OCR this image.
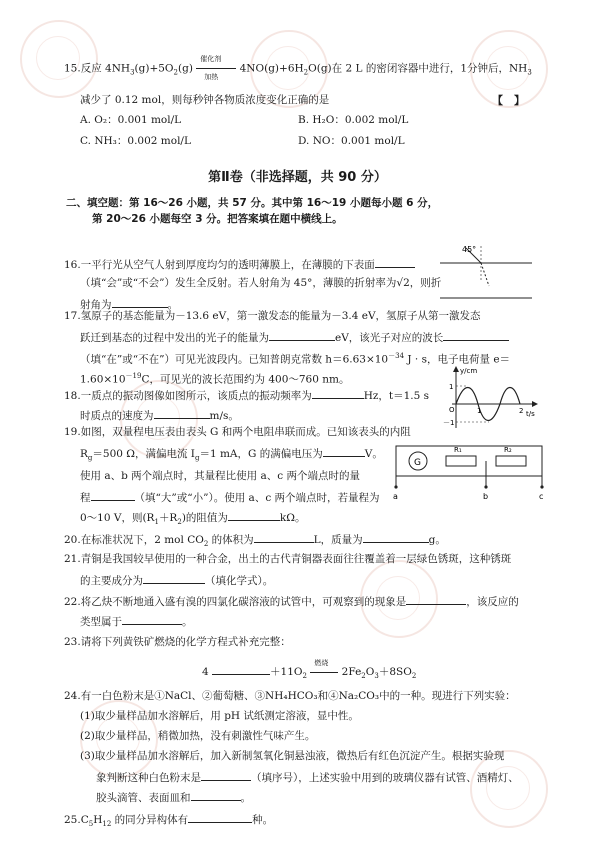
15.反应 $4NH_3(g)+5O_2(g)$
催化剂
加热
$4NO(g)+6H_2O(g)$在 2 L 的密闭容器中进行，1分钟后，$NH_3$
减少了 0.12 mol，则每秒钟各物质浓度变化正确的是	【　】
A. O₂：0.001 mol/L	B. H₂O：0.002 mol/L
C. NH₃：0.002 mol/L	D. NO：0.001 mol/L
第Ⅱ卷（非选择题，共 90 分）
二、填空题：第 16～26 小题，共 57 分。其中第 16～19 小题每小题 6 分，
第 20～26 小题每空 3 分。把答案填在题中横线上。
16.一平行光从空气人射到厚度均匀的透明薄膜上，在薄膜的下表面
（填“会”或“不会”）发生全反射。若人射角为 45°，薄膜的折射率为√2，则折
射角为	。
45°
17.氢原子的基态能量为－13.6 eV，第一激发态的能量为－3.4 eV，氢原子从第一激发态
跃迁到基态的过程中发出的光子的能量为	eV，该光子对应的波长
（填“在”或“不在”）可见光波段内。已知普朗克常数 $h=6.63\times 10^{-34}$ J · s，电子电荷量 e＝
$1.60\times 10^{-19}C$，可见光的波长范围约为 400～760 nm。
18.一质点的振动图像如图所示，该质点的振动频率为	Hz，t＝1.5 s
时质点的速度为	m/s。
y/cm
t/s
1
－1
O	1	2
19.如图，双量程电压表由表头 G 和两个电阻串联而成。已知该表头的内阻
$R_g=500$ Ω，满偏电流 $I_g=1$ mA，G 的满偏电压为	V。
使用 a、b 两个端点时，其量程比使用 a、c 两个端点时的量
程	（填“大”或“小”）。使用 a、c 两个端点时，若量程为
0～10 V，则$(R_1+R_2)$的阻值为	kΩ。
G
R₁	R₂
a	b	c
20.在标准状况下，2 mol $CO_2$ 的体积为	L，质量为	g。
21.青铜是我国较早使用的一种合金，出土的古代青铜器表面往往覆盖着一层绿色锈斑，这种锈斑
的主要成分为	（填化学式）。
22.将乙炔不断地通入盛有溴的四氯化碳溶液的试管中，可观察到的现象是	，该反应的
类型属于	。
23.请将下列黄铁矿燃烧的化学方程式补充完整：
4	$+11O_2$
燃烧
$2Fe_2O_3+8SO_2$
24.有一白色粉末是①NaCl、②葡萄糖、③NH₄HCO₃和④Na₂CO₃中的一种。现进行下列实验：
(1)取少量样品加水溶解后，用 pH 试纸测定溶液，显中性。
(2)取少量样品，稍微加热，没有刺激性气味产生。
(3)取少量样品加水溶解后，加入新制氢氧化铜悬浊液，微热后有红色沉淀产生。根据实验现
象判断这种白色粉末是	（填序号），上述实验中用到的玻璃仪器有试管、酒精灯、
胶头滴管、表面皿和	。
$25.C_5H_{12}$ 的同分异构体有	种。
